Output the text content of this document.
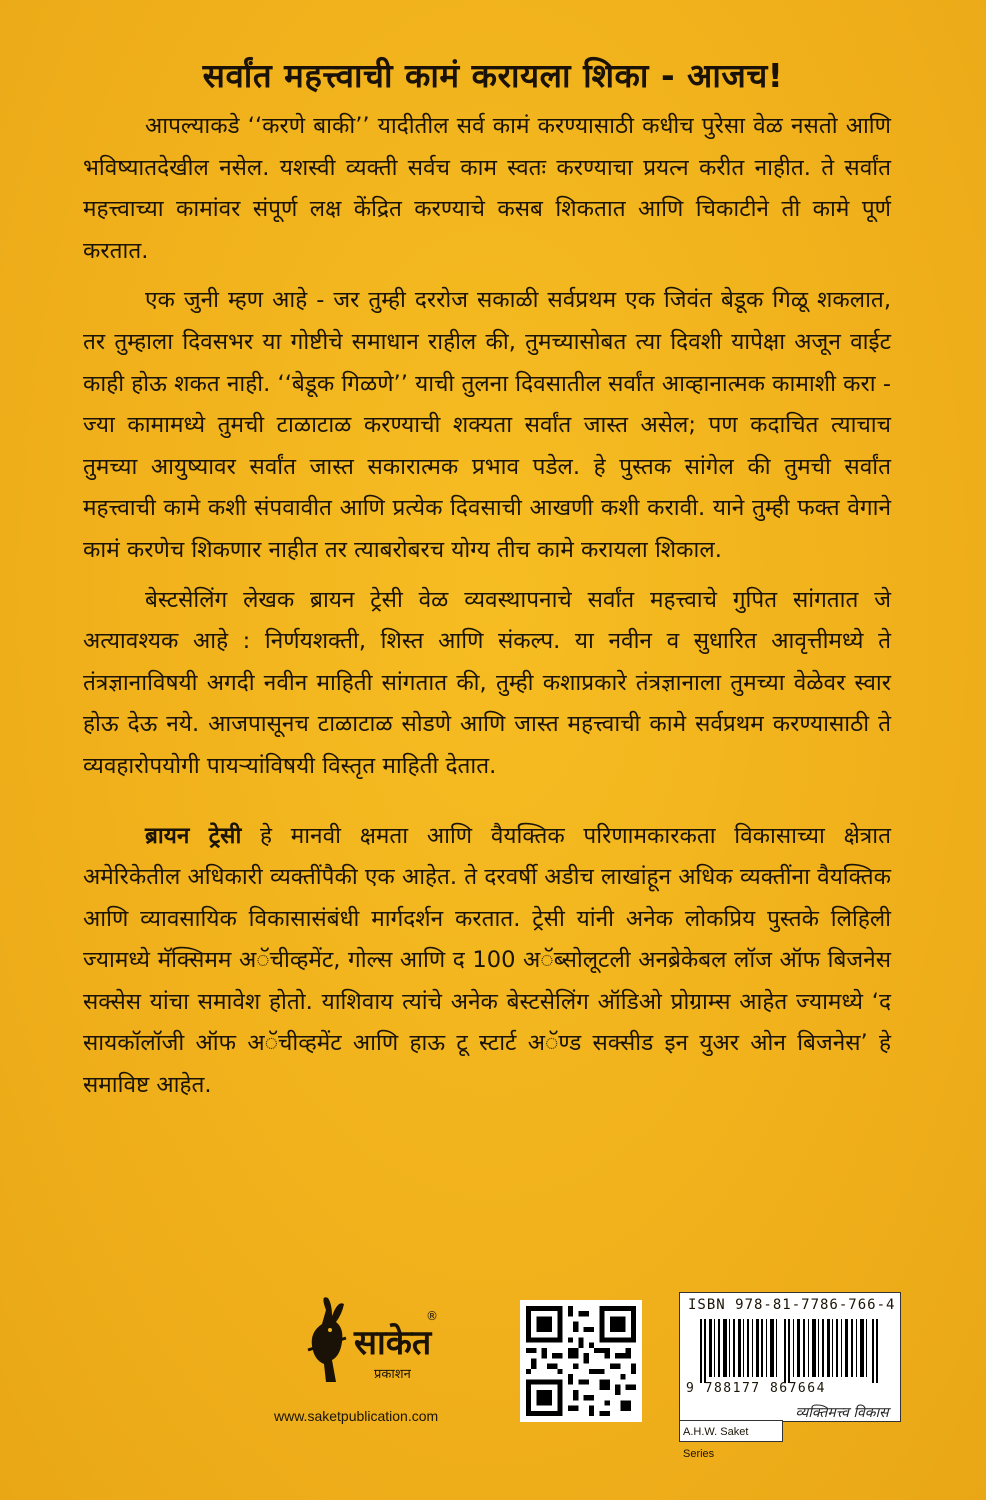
सर्वांत महत्त्वाची कामं करायला शिका - आजच!

आपल्याकडे ‘‘करणे बाकी’’ यादीतील सर्व कामं करण्यासाठी कधीच पुरेसा वेळ नसतो आणि भविष्यातदेखील नसेल. यशस्वी व्यक्ती सर्वच काम स्वतः करण्याचा प्रयत्न करीत नाहीत. ते सर्वांत महत्त्वाच्या कामांवर संपूर्ण लक्ष केंद्रित करण्याचे कसब शिकतात आणि चिकाटीने ती कामे पूर्ण करतात.

एक जुनी म्हण आहे - जर तुम्ही दररोज सकाळी सर्वप्रथम एक जिवंत बेडूक गिळू शकलात, तर तुम्हाला दिवसभर या गोष्टीचे समाधान राहील की, तुमच्यासोबत त्या दिवशी यापेक्षा अजून वाईट काही होऊ शकत नाही. ‘‘बेडूक गिळणे’’ याची तुलना दिवसातील सर्वांत आव्हानात्मक कामाशी करा - ज्या कामामध्ये तुमची टाळाटाळ करण्याची शक्यता सर्वांत जास्त असेल; पण कदाचित त्याचाच तुमच्या आयुष्यावर सर्वांत जास्त सकारात्मक प्रभाव पडेल. हे पुस्तक सांगेल की तुमची सर्वांत महत्त्वाची कामे कशी संपवावीत आणि प्रत्येक दिवसाची आखणी कशी करावी. याने तुम्ही फक्त वेगाने कामं करणेच शिकणार नाहीत तर त्याबरोबरच योग्य तीच कामे करायला शिकाल.

बेस्टसेलिंग लेखक ब्रायन ट्रेसी वेळ व्यवस्थापनाचे सर्वांत महत्त्वाचे गुपित सांगतात जे अत्यावश्यक आहे : निर्णयशक्ती, शिस्त आणि संकल्प. या नवीन व सुधारित आवृत्तीमध्ये ते तंत्रज्ञानाविषयी अगदी नवीन माहिती सांगतात की, तुम्ही कशाप्रकारे तंत्रज्ञानाला तुमच्या वेळेवर स्वार होऊ देऊ नये. आजपासूनच टाळाटाळ सोडणे आणि जास्त महत्त्वाची कामे सर्वप्रथम करण्यासाठी ते व्यवहारोपयोगी पायऱ्यांविषयी विस्तृत माहिती देतात.

ब्रायन ट्रेसी हे मानवी क्षमता आणि वैयक्तिक परिणामकारकता विकासाच्या क्षेत्रात अमेरिकेतील अधिकारी व्यक्तींपैकी एक आहेत. ते दरवर्षी अडीच लाखांहून अधिक व्यक्तींना वैयक्तिक आणि व्यावसायिक विकासासंबंधी मार्गदर्शन करतात. ट्रेसी यांनी अनेक लोकप्रिय पुस्तके लिहिली ज्यामध्ये मॅक्सिमम अॅचीव्हमेंट, गोल्स आणि द 100 अॅब्सोलूटली अनब्रेकेबल लॉज ऑफ बिजनेस सक्सेस यांचा समावेश होतो. याशिवाय त्यांचे अनेक बेस्टसेलिंग ऑडिओ प्रोग्राम्स आहेत ज्यामध्ये ‘द सायकॉलॉजी ऑफ अॅचीव्हमेंट आणि हाऊ टू स्टार्ट अॅण्ड सक्सीड इन युअर ओन बिजनेस’ हे समाविष्ट आहेत.

साकेत
®
प्रकाशन
www.saketpublication.com
ISBN 978-81-7786-766-4
9 788177 867664
A.H.W. Saket Series
व्यक्तिमत्त्व विकास
